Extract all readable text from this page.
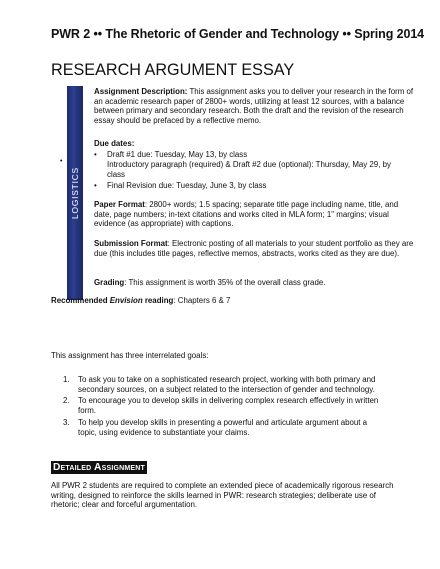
PWR 2 •• The Rhetoric of Gender and Technology •• Spring 2014
RESEARCH ARGUMENT ESSAY
LOGISTICS
•
Assignment Description: This assignment asks you to deliver your research in the form of an academic research paper of 2800+ words, utilizing at least 12 sources, with a balance between primary and secondary research. Both the draft and the revision of the research essay should be prefaced by a reflective memo.
Due dates:
• Draft #1 due: Tuesday, May 13, by class
Introductory paragraph (required) & Draft #2 due (optional): Thursday, May 29, by class
• Final Revision due: Tuesday, June 3, by class
Paper Format: 2800+ words; 1.5 spacing; separate title page including name, title, and date, page numbers; in-text citations and works cited in MLA form; 1" margins; visual evidence (as appropriate) with captions.
Submission Format: Electronic posting of all materials to your student portfolio as they are due (this includes title pages, reflective memos, abstracts, works cited as they are due).
Grading: This assignment is worth 35% of the overall class grade.
Recommended Envision reading: Chapters 6 & 7
This assignment has three interrelated goals:
1. To ask you to take on a sophisticated research project, working with both primary and secondary sources, on a subject related to the intersection of gender and technology.
2. To encourage you to develop skills in delivering complex research effectively in written form.
3. To help you develop skills in presenting a powerful and articulate argument about a topic, using evidence to substantiate your claims.
Detailed Assignment
All PWR 2 students are required to complete an extended piece of academically rigorous research writing, designed to reinforce the skills learned in PWR: research strategies; deliberate use of rhetoric; clear and forceful argumentation.
